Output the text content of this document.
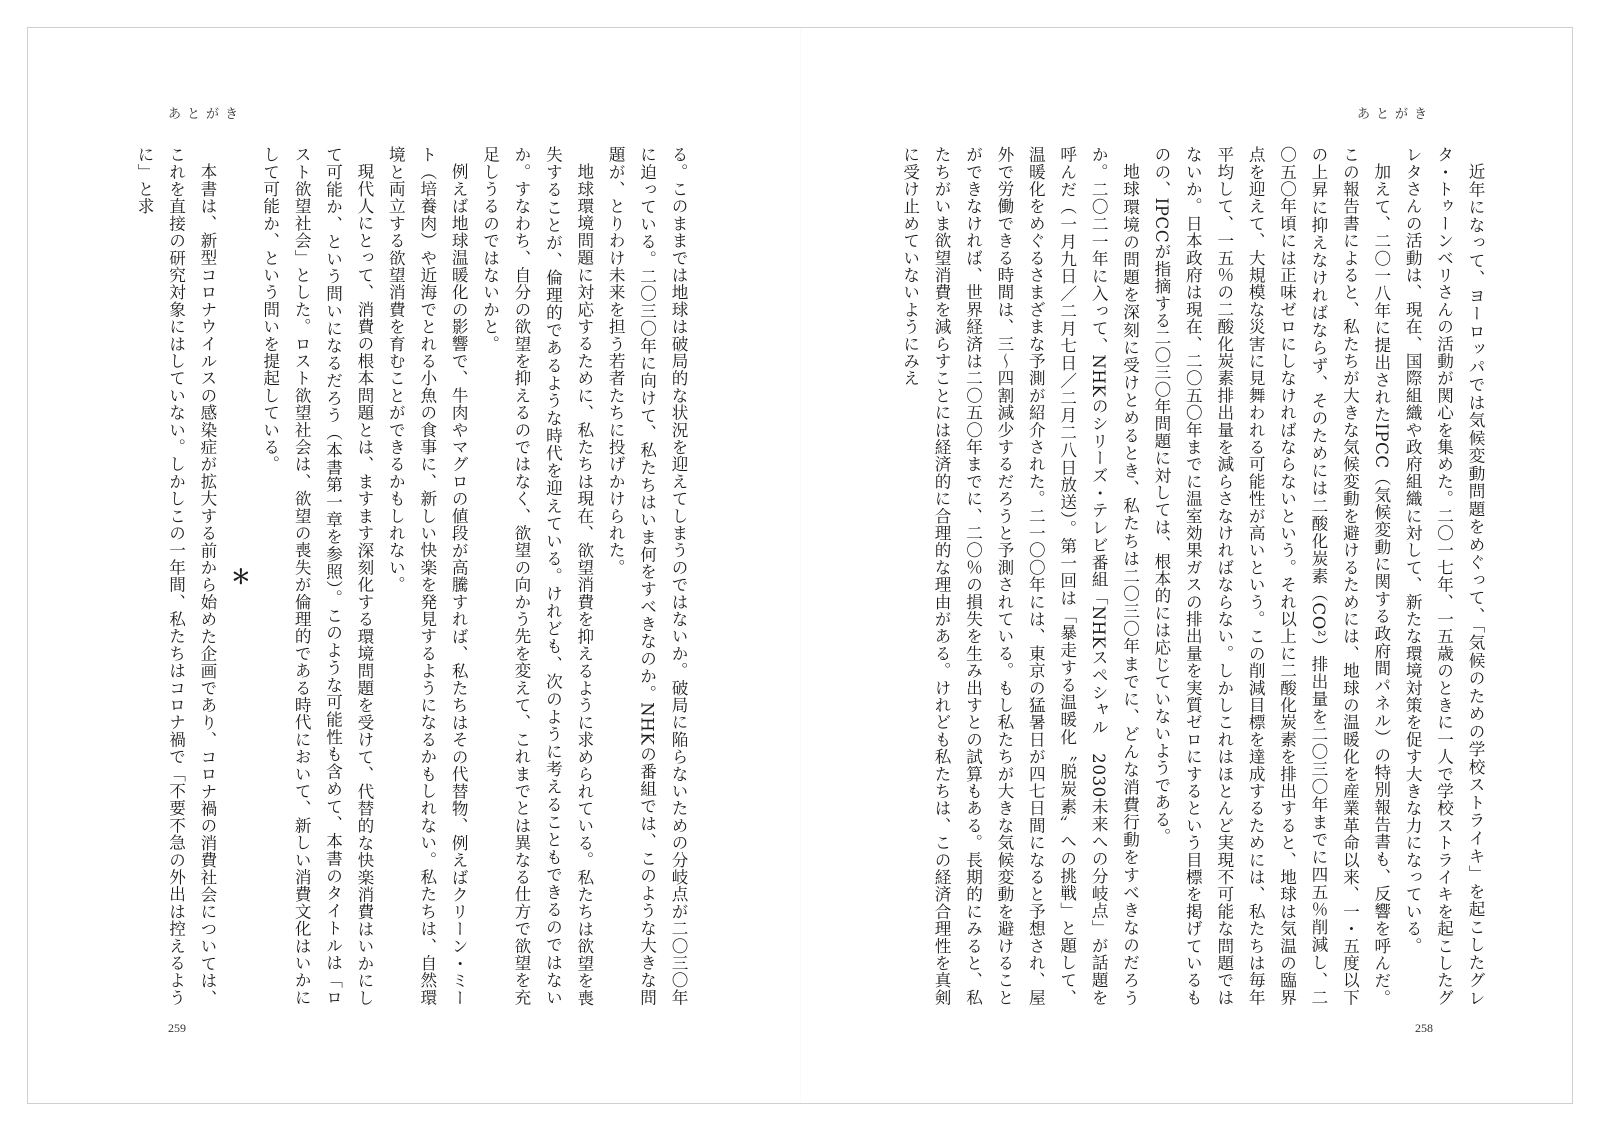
あとがき

る。このままでは地球は破局的な状況を迎えてしまうのではないか。破局に陥らないための分岐点が二〇三〇年に迫っている。二〇三〇年に向けて、私たちはいま何をすべきなのか。NHKの番組では、このような大きな問題が、とりわけ未来を担う若者たちに投げかけられた。

地球環境問題に対応するために、私たちは現在、欲望消費を抑えるように求められている。私たちは欲望を喪失することが、倫理的であるような時代を迎えている。けれども、次のように考えることもできるのではないか。すなわち、自分の欲望を抑えるのではなく、欲望の向かう先を変えて、これまでとは異なる仕方で欲望を充足しうるのではないかと。

例えば地球温暖化の影響で、牛肉やマグロの値段が高騰すれば、私たちはその代替物、例えばクリーン・ミート（培養肉）や近海でとれる小魚の食事に、新しい快楽を発見するようになるかもしれない。私たちは、自然環境と両立する欲望消費を育むことができるかもしれない。

現代人にとって、消費の根本問題とは、ますます深刻化する環境問題を受けて、代替的な快楽消費はいかにして可能か、という問いになるだろう（本書第一章を参照）。このような可能性も含めて、本書のタイトルは「ロスト欲望社会」とした。ロスト欲望社会は、欲望の喪失が倫理的である時代において、新しい消費文化はいかにして可能か、という問いを提起している。

＊

本書は、新型コロナウイルスの感染症が拡大する前から始めた企画であり、コロナ禍の消費社会については、これを直接の研究対象にはしていない。しかしこの一年間、私たちはコロナ禍で「不要不急の外出は控えるように」と求

259
あとがき

近年になって、ヨーロッパでは気候変動問題をめぐって、「気候のための学校ストライキ」を起こしたグレタ・トゥーンベリさんの活動が関心を集めた。二〇一七年、一五歳のときに一人で学校ストライキを起こしたグレタさんの活動は、現在、国際組織や政府組織に対して、新たな環境対策を促す大きな力になっている。

加えて、二〇一八年に提出されたIPCC（気候変動に関する政府間パネル）の特別報告書も、反響を呼んだ。この報告書によると、私たちが大きな気候変動を避けるためには、地球の温暖化を産業革命以来、一・五度以下の上昇に抑えなければならず、そのためには二酸化炭素（CO²）排出量を二〇三〇年までに四五％削減し、二〇五〇年頃には正味ゼロにしなければならないという。それ以上に二酸化炭素を排出すると、地球は気温の臨界点を迎えて、大規模な災害に見舞われる可能性が高いという。この削減目標を達成するためには、私たちは毎年平均して、一五％の二酸化炭素排出量を減らさなければならない。しかしこれはほとんど実現不可能な問題ではないか。日本政府は現在、二〇五〇年までに温室効果ガスの排出量を実質ゼロにするという目標を掲げているものの、IPCCが指摘する二〇三〇年問題に対しては、根本的には応じていないようである。

地球環境の問題を深刻に受けとめるとき、私たちは二〇三〇年までに、どんな消費行動をすべきなのだろうか。二〇二一年に入って、NHKのシリーズ・テレビ番組「NHKスペシャル　2030未来への分岐点」が話題を呼んだ（一月九日／二月七日／二月二八日放送）。第一回は「暴走する温暖化〝脱炭素〟への挑戦」と題して、温暖化をめぐるさまざまな予測が紹介された。二一〇〇年には、東京の猛暑日が四七日間になると予想され、屋外で労働できる時間は、三〜四割減少するだろうと予測されている。もし私たちが大きな気候変動を避けることができなければ、世界経済は二〇五〇年までに、二〇％の損失を生み出すとの試算もある。長期的にみると、私たちがいま欲望消費を減らすことには経済的に合理的な理由がある。けれども私たちは、この経済合理性を真剣に受け止めていないようにみえ

258
